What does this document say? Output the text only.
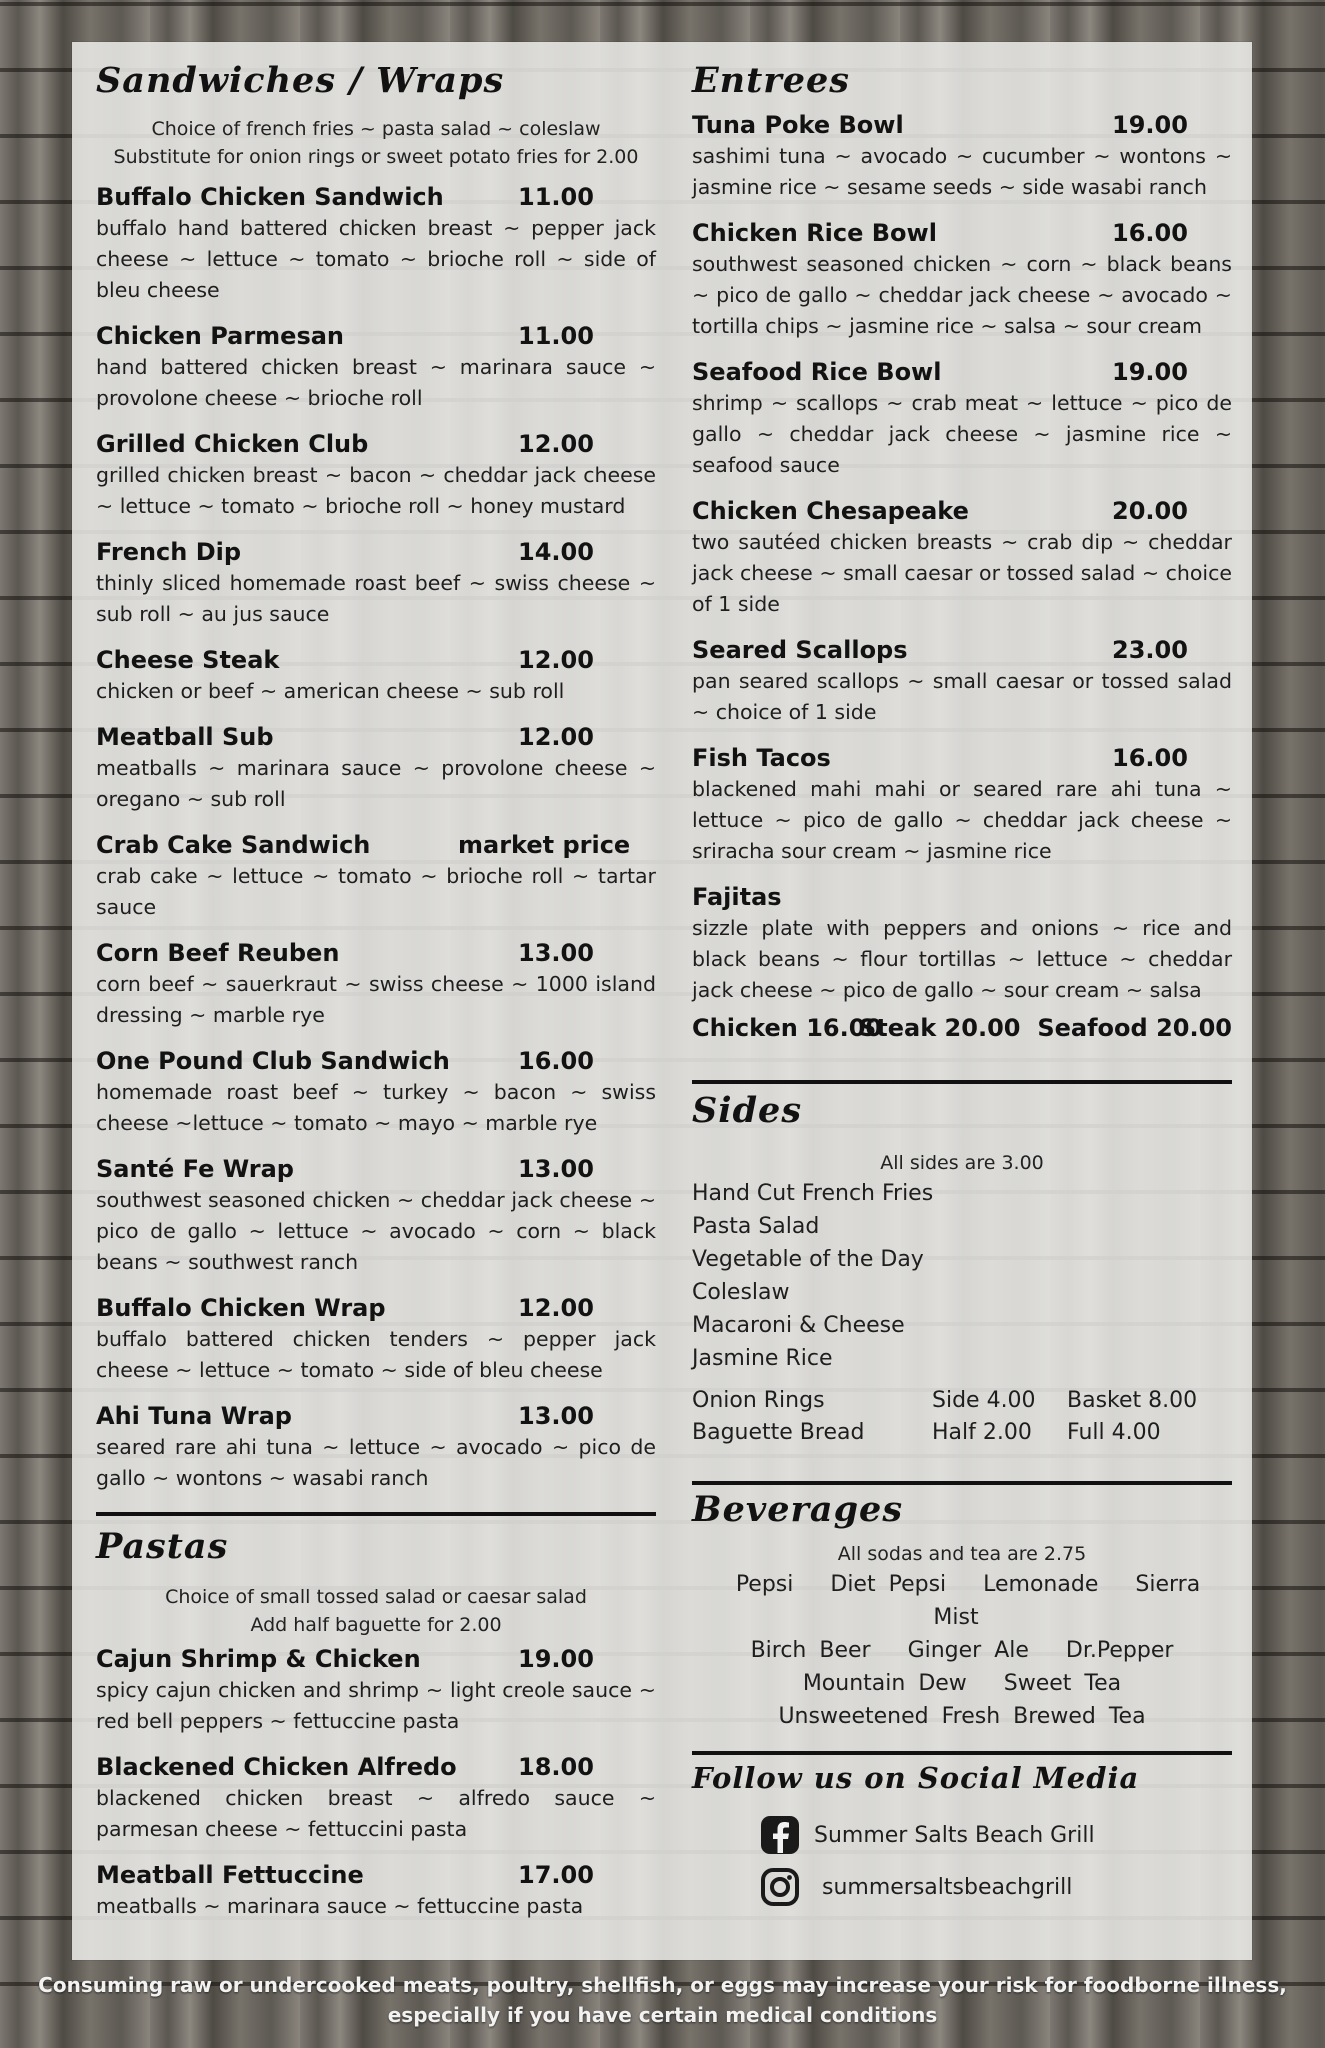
Sandwiches / Wraps

Choice of french fries ~ pasta salad ~ coleslaw

Substitute for onion rings or sweet potato fries for 2.00

Buffalo Chicken Sandwich	11.00

buffalo hand battered chicken breast ~ pepper jack cheese ~ lettuce ~ tomato ~ brioche roll ~ side of bleu cheese

Chicken Parmesan	11.00

hand battered chicken breast ~ marinara sauce ~ provolone cheese ~ brioche roll

Grilled Chicken Club	12.00

grilled chicken breast ~ bacon ~ cheddar jack cheese ~ lettuce ~ tomato ~ brioche roll ~ honey mustard

French Dip	14.00

thinly sliced homemade roast beef ~ swiss cheese ~ sub roll ~ au jus sauce

Cheese Steak	12.00

chicken or beef ~ american cheese ~ sub roll

Meatball Sub	12.00

meatballs ~ marinara sauce ~ provolone cheese ~ oregano ~ sub roll

Crab Cake Sandwich	market price

crab cake ~ lettuce ~ tomato ~ brioche roll ~ tartar sauce

Corn Beef Reuben	13.00

corn beef ~ sauerkraut ~ swiss cheese ~ 1000 island dressing ~ marble rye

One Pound Club Sandwich	16.00

homemade roast beef ~ turkey ~ bacon ~ swiss cheese ~lettuce ~ tomato ~ mayo ~ marble rye

Santé Fe Wrap	13.00

southwest seasoned chicken ~ cheddar jack cheese ~ pico de gallo ~ lettuce ~ avocado ~ corn ~ black beans ~ southwest ranch

Buffalo Chicken Wrap	12.00

buffalo battered chicken tenders ~ pepper jack cheese ~ lettuce ~ tomato ~ side of bleu cheese

Ahi Tuna Wrap	13.00

seared rare ahi tuna ~ lettuce ~ avocado ~ pico de gallo ~ wontons ~ wasabi ranch

Pastas

Choice of small tossed salad or caesar salad

Add half baguette for 2.00

Cajun Shrimp & Chicken	19.00

spicy cajun chicken and shrimp ~ light creole sauce ~ red bell peppers ~ fettuccine pasta

Blackened Chicken Alfredo	18.00

blackened chicken breast ~ alfredo sauce ~ parmesan cheese ~ fettuccini pasta

Meatball Fettuccine	17.00

meatballs ~ marinara sauce ~ fettuccine pasta

Entrees
Tuna Poke Bowl	19.00

sashimi tuna ~ avocado ~ cucumber ~ wontons ~ jasmine rice ~ sesame seeds ~ side wasabi ranch

Chicken Rice Bowl	16.00

southwest seasoned chicken ~ corn ~ black beans ~ pico de gallo ~ cheddar jack cheese ~ avocado ~ tortilla chips ~ jasmine rice ~ salsa ~ sour cream

Seafood Rice Bowl	19.00

shrimp ~ scallops ~ crab meat ~ lettuce ~ pico de gallo ~ cheddar jack cheese ~ jasmine rice ~ seafood sauce

Chicken Chesapeake	20.00

two sautéed chicken breasts ~ crab dip ~ cheddar jack cheese ~ small caesar or tossed salad ~ choice of 1 side

Seared Scallops	23.00

pan seared scallops ~ small caesar or tossed salad ~ choice of 1 side

Fish Tacos	16.00

blackened mahi mahi or seared rare ahi tuna ~ lettuce ~ pico de gallo ~ cheddar jack cheese ~ sriracha sour cream ~ jasmine rice

Fajitas

sizzle plate with peppers and onions ~ rice and black beans ~ flour tortillas ~ lettuce ~ cheddar jack cheese ~ pico de gallo ~ sour cream ~ salsa

Chicken 16.00
Steak 20.00 Seafood 20.00
Sides

All sides are 3.00

Hand Cut French Fries
Pasta Salad
Vegetable of the Day
Coleslaw
Macaroni & Cheese
Jasmine Rice
Onion Rings	Side 4.00	Basket 8.00
Baguette Bread	Half 2.00	Full 4.00
Beverages

All sodas and tea are 2.75

Pepsi Diet Pepsi Lemonade Sierra Mist
Birch Beer Ginger Ale Dr.Pepper
Mountain Dew Sweet Tea
Unsweetened Fresh Brewed Tea
Follow us on Social Media
Summer Salts Beach Grill
summersaltsbeachgrill
Consuming raw or undercooked meats, poultry, shellfish, or eggs may increase your risk for foodborne illness,
especially if you have certain medical conditions
